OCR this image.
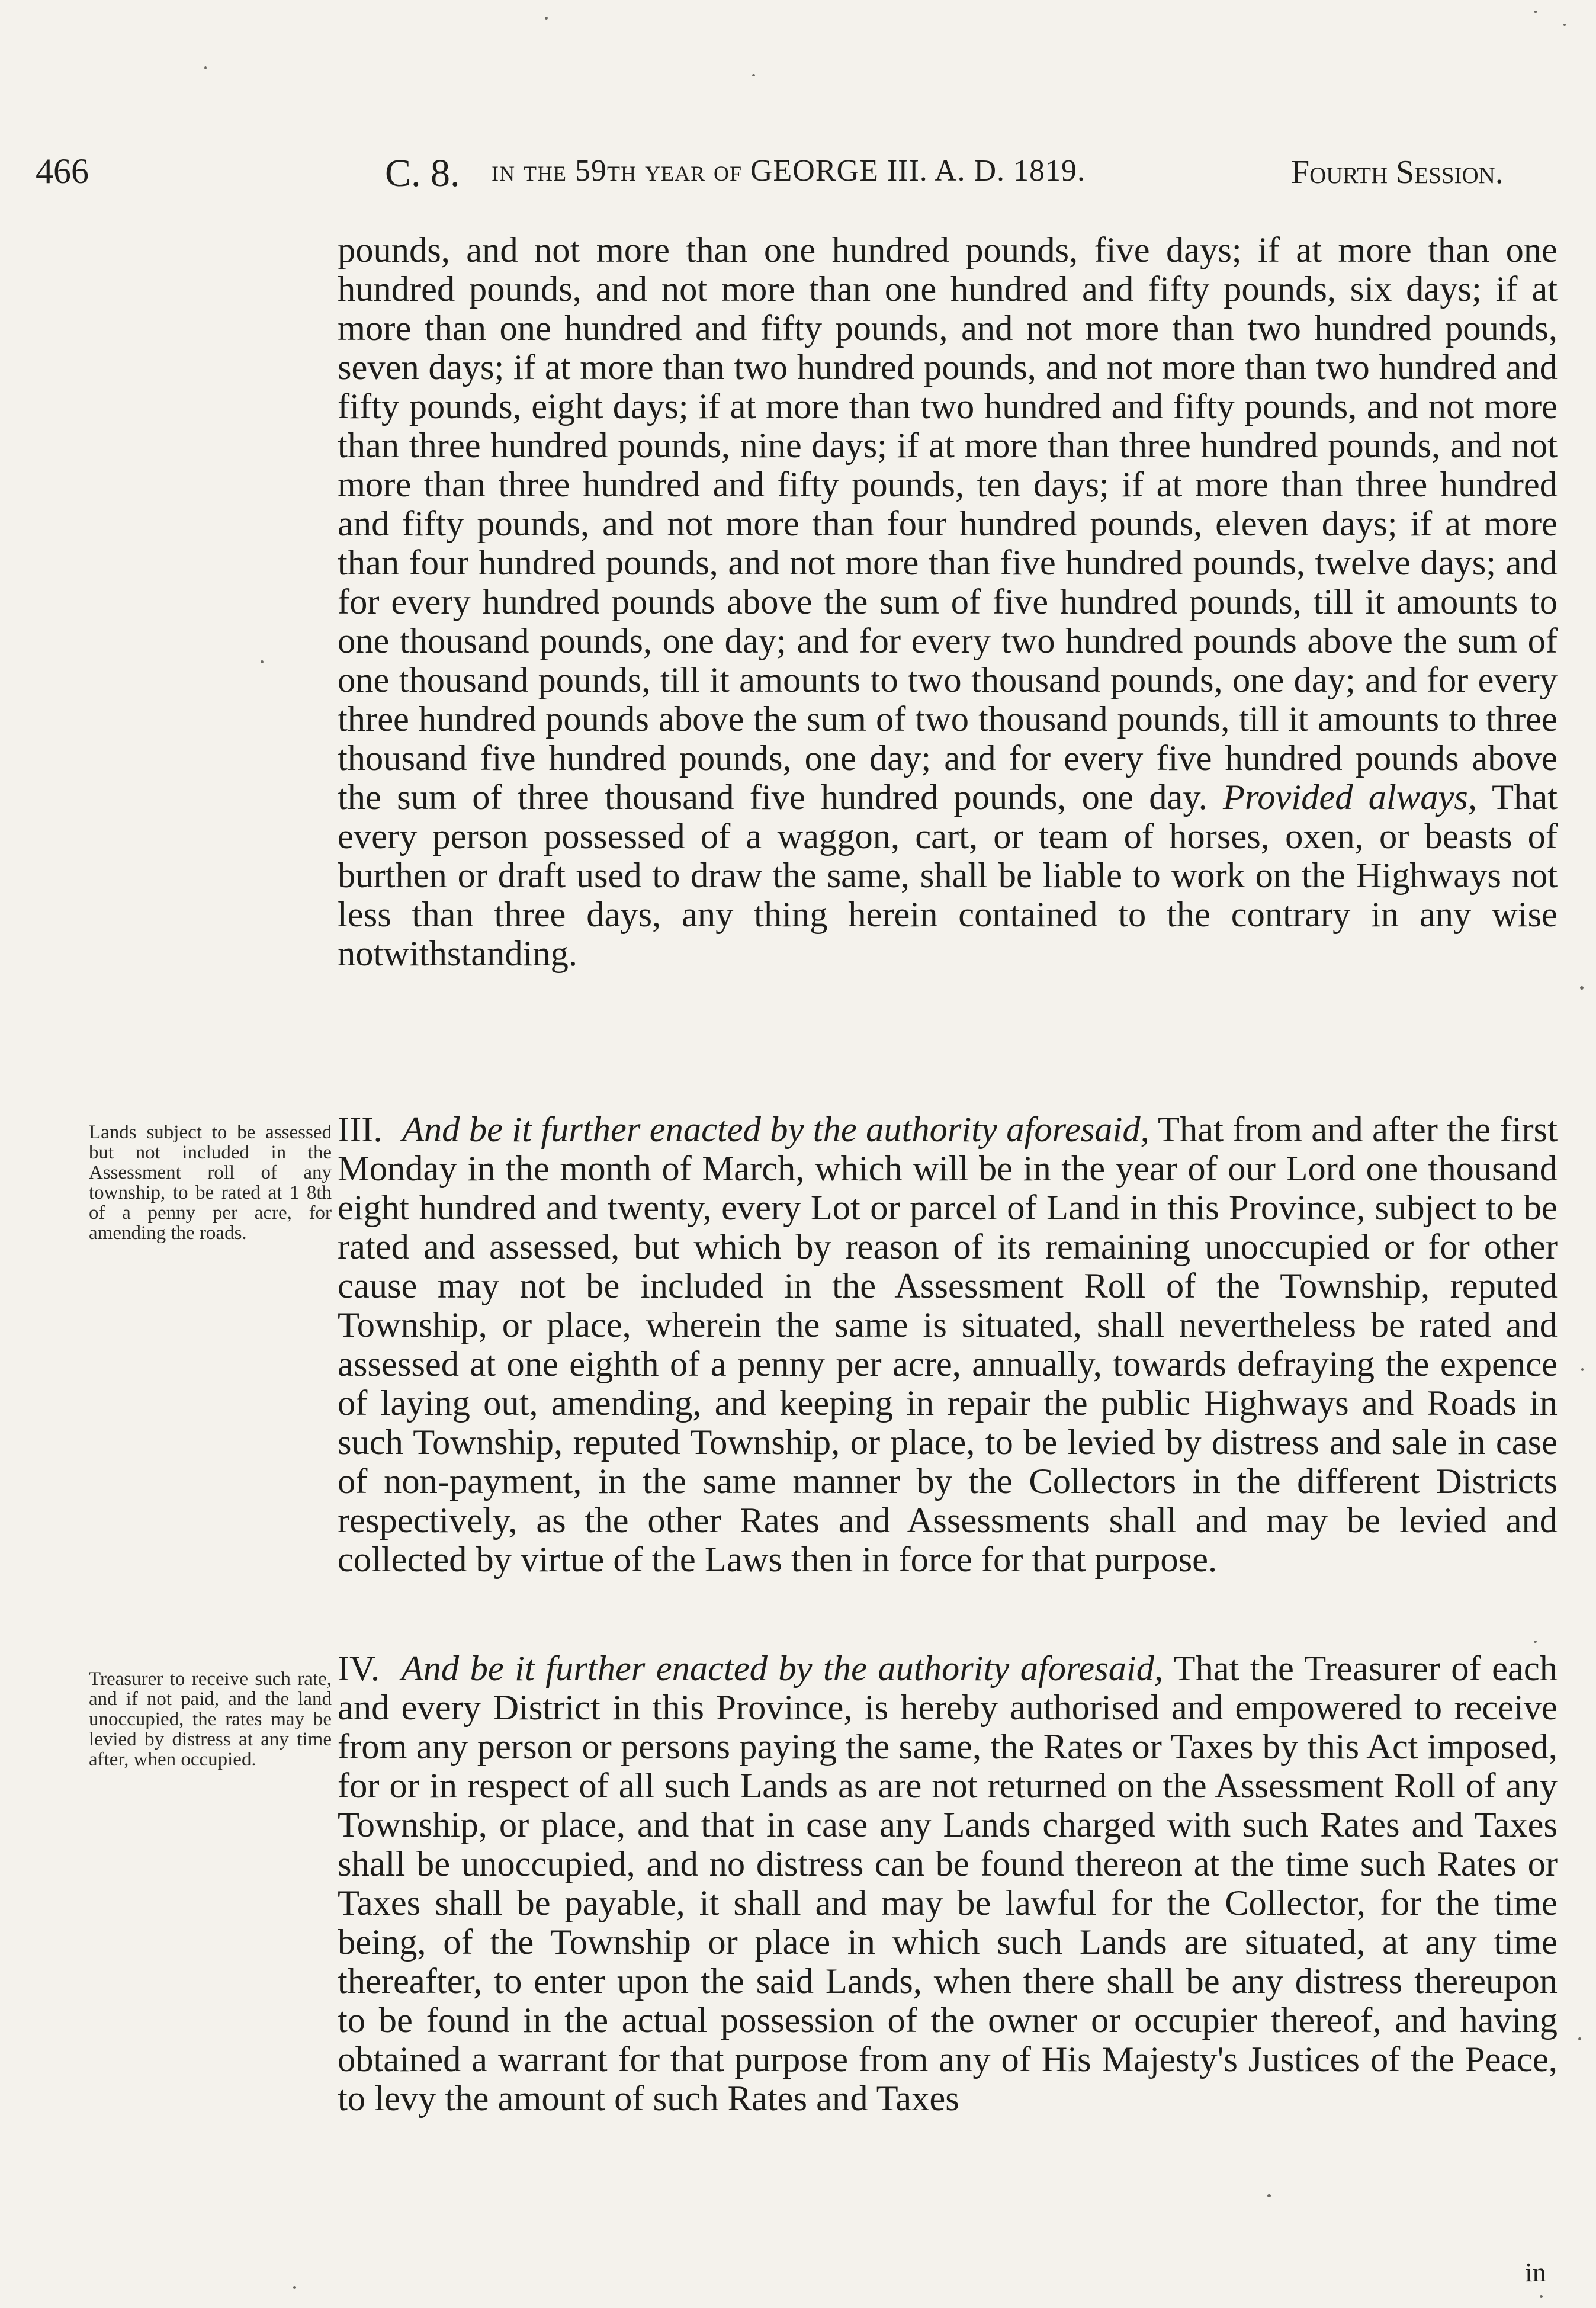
466	C. 8. in the 59th year of GEORGE III. A. D. 1819.	Fourth Session.
pounds, and not more than one hundred pounds, five days; if at more than one hundred pounds, and not more than one hundred and fifty pounds, six days; if at more than one hundred and fifty pounds, and not more than two hundred pounds, seven days; if at more than two hundred pounds, and not more than two hundred and fifty pounds, eight days; if at more than two hundred and fifty pounds, and not more than three hundred pounds, nine days; if at more than three hundred pounds, and not more than three hundred and fifty pounds, ten days; if at more than three hundred and fifty pounds, and not more than four hundred pounds, eleven days; if at more than four hundred pounds, and not more than five hundred pounds, twelve days; and for every hundred pounds above the sum of five hundred pounds, till it amounts to one thousand pounds, one day; and for every two hundred pounds above the sum of one thousand pounds, till it amounts to two thousand pounds, one day; and for every three hundred pounds above the sum of two thousand pounds, till it amounts to three thousand five hundred pounds, one day; and for every five hundred pounds above the sum of three thousand five hundred pounds, one day. Provided always, That every person possessed of a waggon, cart, or team of horses, oxen, or beasts of burthen or draft used to draw the same, shall be liable to work on the Highways not less than three days, any thing herein contained to the contrary in any wise notwithstanding.
Lands subject to be assessed but not included in the Assessment roll of any township, to be rated at 1 8th of a penny per acre, for amending the roads.
III. And be it further enacted by the authority aforesaid, That from and after the first Monday in the month of March, which will be in the year of our Lord one thousand eight hundred and twenty, every Lot or parcel of Land in this Province, subject to be rated and assessed, but which by reason of its remaining unoccupied or for other cause may not be included in the Assessment Roll of the Township, reputed Township, or place, wherein the same is situated, shall nevertheless be rated and assessed at one eighth of a penny per acre, annually, towards defraying the expence of laying out, amending, and keeping in repair the public Highways and Roads in such Township, reputed Township, or place, to be levied by distress and sale in case of non-payment, in the same manner by the Collectors in the different Districts respectively, as the other Rates and Assessments shall and may be levied and collected by virtue of the Laws then in force for that purpose.
Treasurer to receive such rate, and if not paid, and the land unoccupied, the rates may be levied by distress at any time after, when occupied.
IV. And be it further enacted by the authority aforesaid, That the Treasurer of each and every District in this Province, is hereby authorised and empowered to receive from any person or persons paying the same, the Rates or Taxes by this Act imposed, for or in respect of all such Lands as are not returned on the Assessment Roll of any Township, or place, and that in case any Lands charged with such Rates and Taxes shall be unoccupied, and no distress can be found thereon at the time such Rates or Taxes shall be payable, it shall and may be lawful for the Collector, for the time being, of the Township or place in which such Lands are situated, at any time thereafter, to enter upon the said Lands, when there shall be any distress thereupon to be found in the actual possession of the owner or occupier thereof, and having obtained a warrant for that purpose from any of His Majesty's Justices of the Peace, to levy the amount of such Rates and Taxes
in
